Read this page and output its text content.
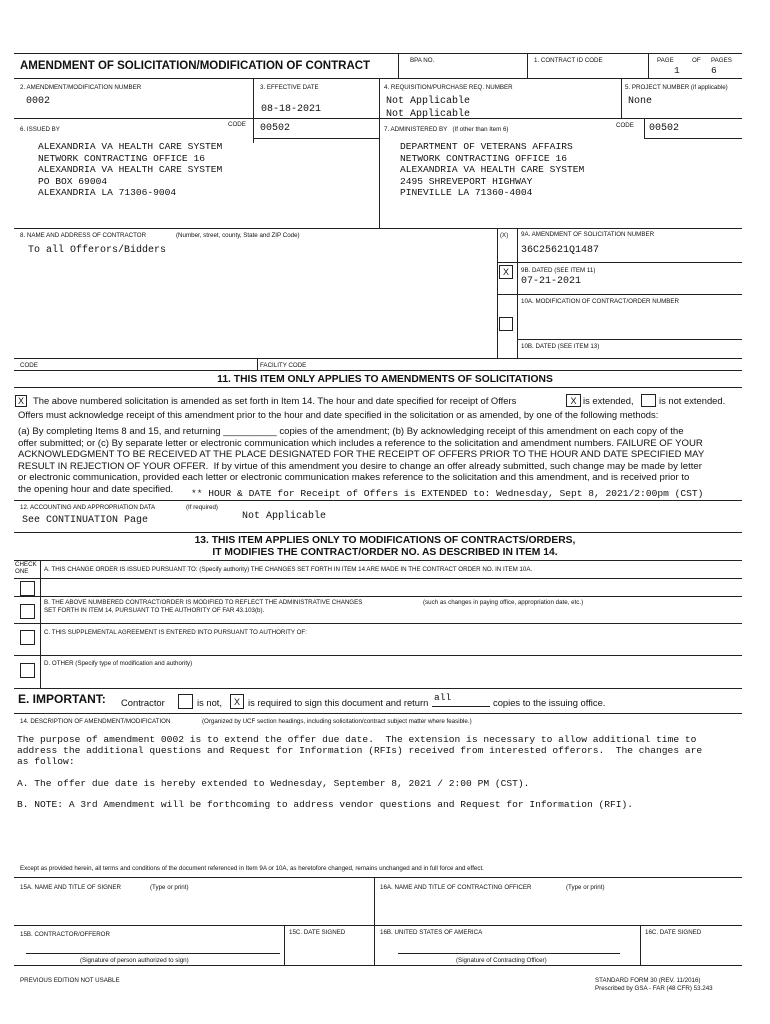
AMENDMENT OF SOLICITATION/MODIFICATION OF CONTRACT	BPA NO.	1. CONTRACT ID CODE	PAGE	OF PAGES
1	6
2. AMENDMENT/MODIFICATION NUMBER
0002
3. EFFECTIVE DATE
08-18-2021
4. REQUISITION/PURCHASE REQ. NUMBER
Not Applicable
Not Applicable
5. PROJECT NUMBER (if applicable)
None
6. ISSUED BY
CODE 00502	7. ADMINISTERED BY (If other than Item 6)
CODE 00502
ALEXANDRIA VA HEALTH CARE SYSTEM
NETWORK CONTRACTING OFFICE 16
ALEXANDRIA VA HEALTH CARE SYSTEM
PO BOX 69004
ALEXANDRIA LA 71306-9004
DEPARTMENT OF VETERANS AFFAIRS
NETWORK CONTRACTING OFFICE 16
ALEXANDRIA VA HEALTH CARE SYSTEM
2495 SHREVEPORT HIGHWAY
PINEVILLE LA 71360-4004
8. NAME AND ADDRESS OF CONTRACTOR	(Number, street, county, State and ZIP Code)	(X) 9A. AMENDMENT OF SOLICITATION NUMBER
To all Offerors/Bidders	36C25621Q1487
X	9B. DATED (SEE ITEM 11)
07-21-2021
10A. MODIFICATION OF CONTRACT/ORDER NUMBER
10B. DATED (SEE ITEM 13)
CODE	FACILITY CODE
11. THIS ITEM ONLY APPLIES TO AMENDMENTS OF SOLICITATIONS
X The above numbered solicitation is amended as set forth in Item 14. The hour and date specified for receipt of Offers	X is extended,	is not extended.
Offers must acknowledge receipt of this amendment prior to the hour and date specified in the solicitation or as amended, by one of the following methods:
(a) By completing Items 8 and 15, and returning __________ copies of the amendment; (b) By acknowledging receipt of this amendment on each copy of the
offer submitted; or (c) By separate letter or electronic communication which includes a reference to the solicitation and amendment numbers. FAILURE OF YOUR
ACKNOWLEDGMENT TO BE RECEIVED AT THE PLACE DESIGNATED FOR THE RECEIPT OF OFFERS PRIOR TO THE HOUR AND DATE SPECIFIED MAY
RESULT IN REJECTION OF YOUR OFFER.  If by virtue of this amendment you desire to change an offer already submitted, such change may be made by letter
or electronic communication, provided each letter or electronic communication makes reference to the solicitation and this amendment, and is received prior to
the opening hour and date specified.	** HOUR & DATE for Receipt of Offers is EXTENDED to: Wednesday, Sept 8, 2021/2:00pm (CST)
12. ACCOUNTING AND APPROPRIATION DATA	(If required)
See CONTINUATION Page	Not Applicable
13. THIS ITEM APPLIES ONLY TO MODIFICATIONS OF CONTRACTS/ORDERS,
IT MODIFIES THE CONTRACT/ORDER NO. AS DESCRIBED IN ITEM 14.
CHECK
ONE	A. THIS CHANGE ORDER IS ISSUED PURSUANT TO: (Specify authority) THE CHANGES SET FORTH IN ITEM 14 ARE MADE IN THE CONTRACT ORDER NO. IN ITEM 10A.
B. THE ABOVE NUMBERED CONTRACT/ORDER IS MODIFIED TO REFLECT THE ADMINISTRATIVE CHANGES	(such as changes in paying office, appropriation date, etc.)
SET FORTH IN ITEM 14, PURSUANT TO THE AUTHORITY OF FAR 43.103(b).
C. THIS SUPPLEMENTAL AGREEMENT IS ENTERED INTO PURSUANT TO AUTHORITY OF:
D. OTHER (Specify type of modification and authority)
E. IMPORTANT: Contractor	is not,	X is required to sign this document and return all	copies to the issuing office.
14. DESCRIPTION OF AMENDMENT/MODIFICATION	(Organized by UCF section headings, including solicitation/contract subject matter where feasible.)
The purpose of amendment 0002 is to extend the offer due date.  The extension is necessary to allow additional time to
address the additional questions and Request for Information (RFIs) received from interested offerors.  The changes are
as follow:
A. The offer due date is hereby extended to Wednesday, September 8, 2021 / 2:00 PM (CST).
B. NOTE: A 3rd Amendment will be forthcoming to address vendor questions and Request for Information (RFI).
Except as provided herein, all terms and conditions of the document referenced in Item 9A or 10A, as heretofore changed, remains unchanged and in full force and effect.
15A. NAME AND TITLE OF SIGNER	(Type or print)	16A. NAME AND TITLE OF CONTRACTING OFFICER	(Type or print)
15B. CONTRACTOR/OFFEROR	15C. DATE SIGNED	16B. UNITED STATES OF AMERICA	16C. DATE SIGNED
(Signature of person authorized to sign)	(Signature of Contracting Officer)
PREVIOUS EDITION NOT USABLE	STANDARD FORM 30 (REV. 11/2016)
Prescribed by GSA - FAR (48 CFR) 53.243
